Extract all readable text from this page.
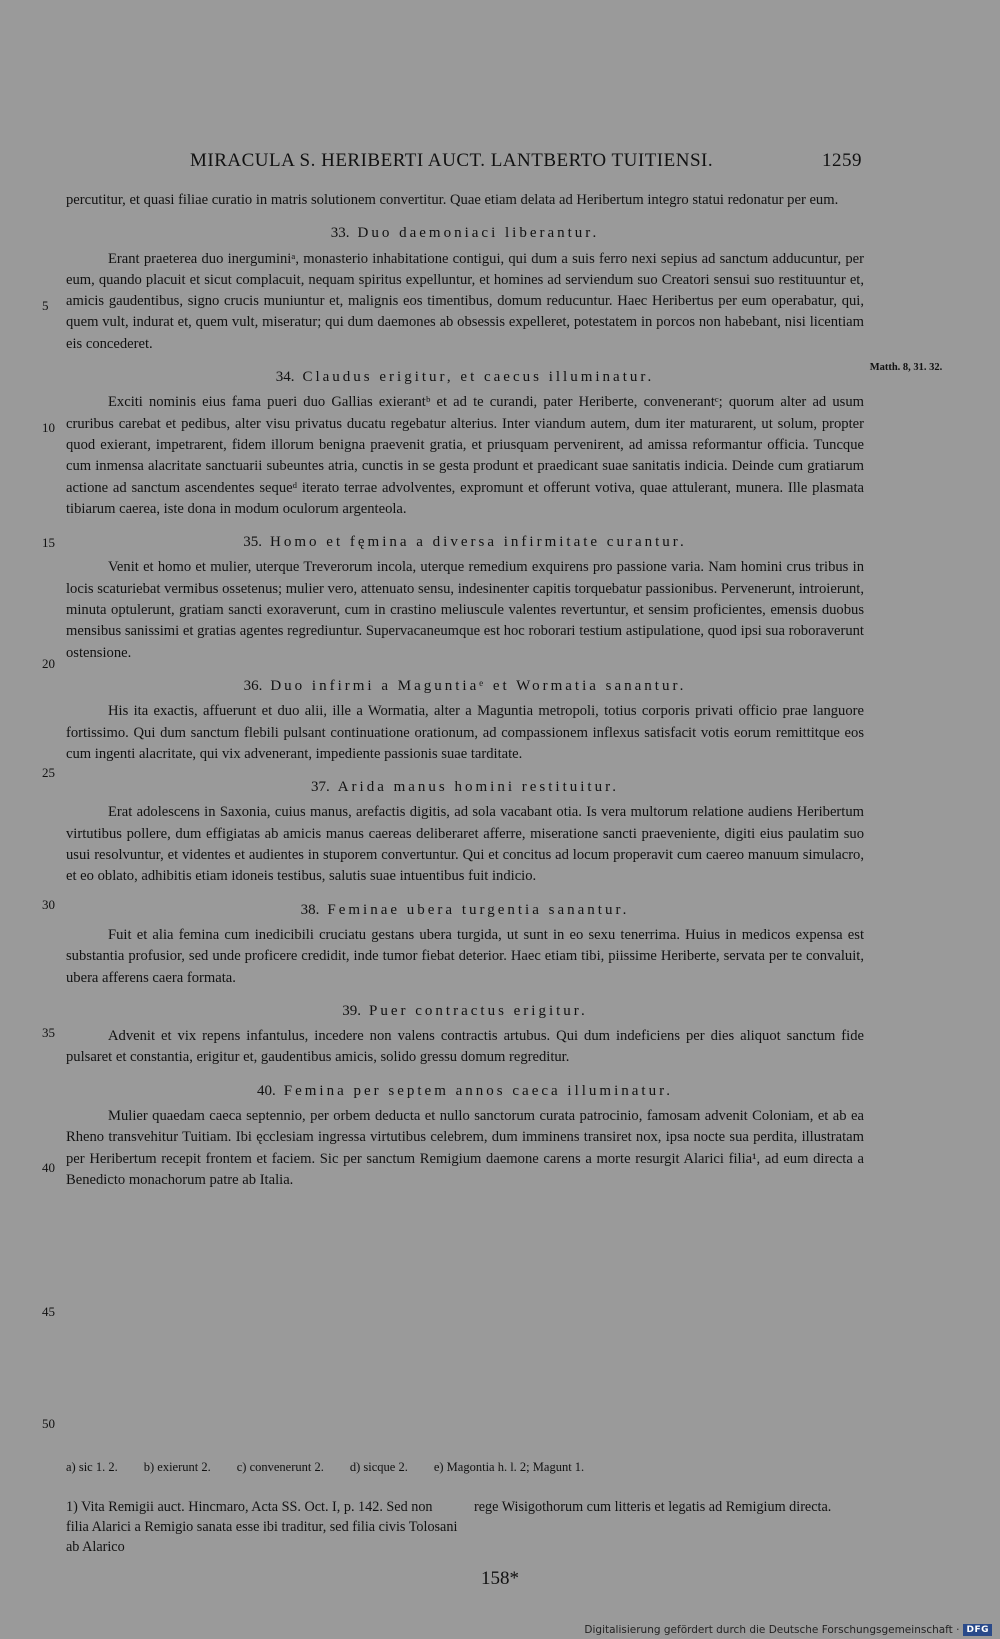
MIRACULA S. HERIBERTI AUCT. LANTBERTO TUITIENSI.	1259
5
10
15
20
25
30
35
40
45
50
Matth. 8, 31. 32.

percutitur, et quasi filiae curatio in matris solutionem convertitur. Quae etiam delata ad Heribertum integro statui redonatur per eum.

33. Duo daemoniaci liberantur.

Erant praeterea duo inerguminiᵃ, monasterio inhabitatione contigui, qui dum a suis ferro nexi sepius ad sanctum adducuntur, per eum, quando placuit et sicut complacuit, nequam spiritus expelluntur, et homines ad serviendum suo Creatori sensui suo restituuntur et, amicis gaudentibus, signo crucis muniuntur et, malignis eos timentibus, domum reducuntur. Haec Heribertus per eum operabatur, qui, quem vult, indurat et, quem vult, miseratur; qui dum daemones ab obsessis expelleret, potestatem in porcos non habebant, nisi licentiam eis concederet.

34. Claudus erigitur, et caecus illuminatur.

Exciti nominis eius fama pueri duo Gallias exierantᵇ et ad te curandi, pater Heriberte, convenerantᶜ; quorum alter ad usum cruribus carebat et pedibus, alter visu privatus ducatu regebatur alterius. Inter viandum autem, dum iter maturarent, ut solum, propter quod exierant, impetrarent, fidem illorum benigna praevenit gratia, et priusquam pervenirent, ad amissa reformantur officia. Tuncque cum inmensa alacritate sanctuarii subeuntes atria, cunctis in se gesta produnt et praedicant suae sanitatis indicia. Deinde cum gratiarum actione ad sanctum ascendentes sequeᵈ iterato terrae advolventes, expromunt et offerunt votiva, quae attulerant, munera. Ille plasmata tibiarum caerea, iste dona in modum oculorum argenteola.

35. Homo et fęmina a diversa infirmitate curantur.

Venit et homo et mulier, uterque Treverorum incola, uterque remedium exquirens pro passione varia. Nam homini crus tribus in locis scaturiebat vermibus ossetenus; mulier vero, attenuato sensu, indesinenter capitis torquebatur passionibus. Pervenerunt, introierunt, minuta optulerunt, gratiam sancti exoraverunt, cum in crastino meliuscule valentes revertuntur, et sensim proficientes, emensis duobus mensibus sanissimi et gratias agentes regrediuntur. Supervacaneumque est hoc roborari testium astipulatione, quod ipsi sua roboraverunt ostensione.

36. Duo infirmi a Maguntiaᵉ et Wormatia sanantur.

His ita exactis, affuerunt et duo alii, ille a Wormatia, alter a Maguntia metropoli, totius corporis privati officio prae languore fortissimo. Qui dum sanctum flebili pulsant continuatione orationum, ad compassionem inflexus satisfacit votis eorum remittitque eos cum ingenti alacritate, qui vix advenerant, impediente passionis suae tarditate.

37. Arida manus homini restituitur.

Erat adolescens in Saxonia, cuius manus, arefactis digitis, ad sola vacabant otia. Is vera multorum relatione audiens Heribertum virtutibus pollere, dum effigiatas ab amicis manus caereas deliberaret afferre, miseratione sancti praeveniente, digiti eius paulatim suo usui resolvuntur, et videntes et audientes in stuporem convertuntur. Qui et concitus ad locum properavit cum caereo manuum simulacro, et eo oblato, adhibitis etiam idoneis testibus, salutis suae intuentibus fuit indicio.

38. Feminae ubera turgentia sanantur.

Fuit et alia femina cum inedicibili cruciatu gestans ubera turgida, ut sunt in eo sexu tenerrima. Huius in medicos expensa est substantia profusior, sed unde proficere credidit, inde tumor fiebat deterior. Haec etiam tibi, piissime Heriberte, servata per te convaluit, ubera afferens caera formata.

39. Puer contractus erigitur.

Advenit et vix repens infantulus, incedere non valens contractis artubus. Qui dum indeficiens per dies aliquot sanctum fide pulsaret et constantia, erigitur et, gaudentibus amicis, solido gressu domum regreditur.

40. Femina per septem annos caeca illuminatur.

Mulier quaedam caeca septennio, per orbem deducta et nullo sanctorum curata patrocinio, famosam advenit Coloniam, et ab ea Rheno transvehitur Tuitiam. Ibi ęcclesiam ingressa virtutibus celebrem, dum imminens transiret nox, ipsa nocte sua perdita, illustratam per Heribertum recepit frontem et faciem. Sic per sanctum Remigium daemone carens a morte resurgit Alarici filia¹, ad eum directa a Benedicto monachorum patre ab Italia.

a) sic 1. 2. b) exierunt 2. c) convenerunt 2. d) sicque 2. e) Magontia h. l. 2; Magunt 1.
1) Vita Remigii auct. Hincmaro, Acta SS. Oct. I, p. 142. Sed non filia Alarici a Remigio sanata esse ibi traditur, sed filia civis Tolosani ab Alarico
rege Wisigothorum cum litteris et legatis ad Remigium directa.
158*
Digitalisierung gefördert durch die Deutsche Forschungsgemeinschaft · DFG
